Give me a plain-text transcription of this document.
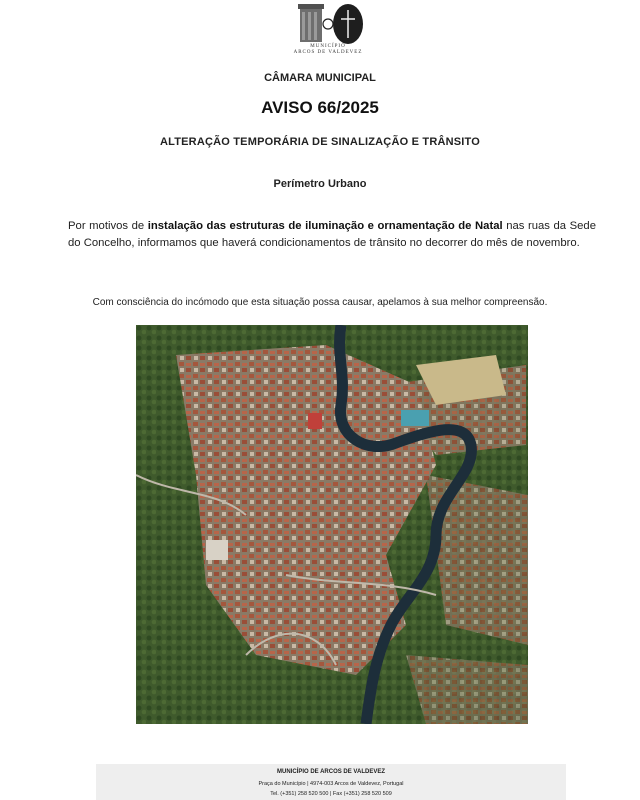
MUNICÍPIO
ARCOS DE VALDEVEZ
CÂMARA MUNICIPAL
AVISO 66/2025
ALTERAÇÃO TEMPORÁRIA DE SINALIZAÇÃO E TRÂNSITO
Perímetro Urbano

Por motivos de instalação das estruturas de iluminação e ornamentação de Natal nas ruas da Sede do Concelho, informamos que haverá condicionamentos de trânsito no decorrer do mês de novembro.

Com consciência do incómodo que esta situação possa causar, apelamos à sua melhor compreensão.
MUNICÍPIO DE ARCOS DE VALDEVEZ
Praça do Município | 4974-003 Arcos de Valdevez, Portugal
Tel. (+351) 258 520 500 | Fax (+351) 258 520 509
